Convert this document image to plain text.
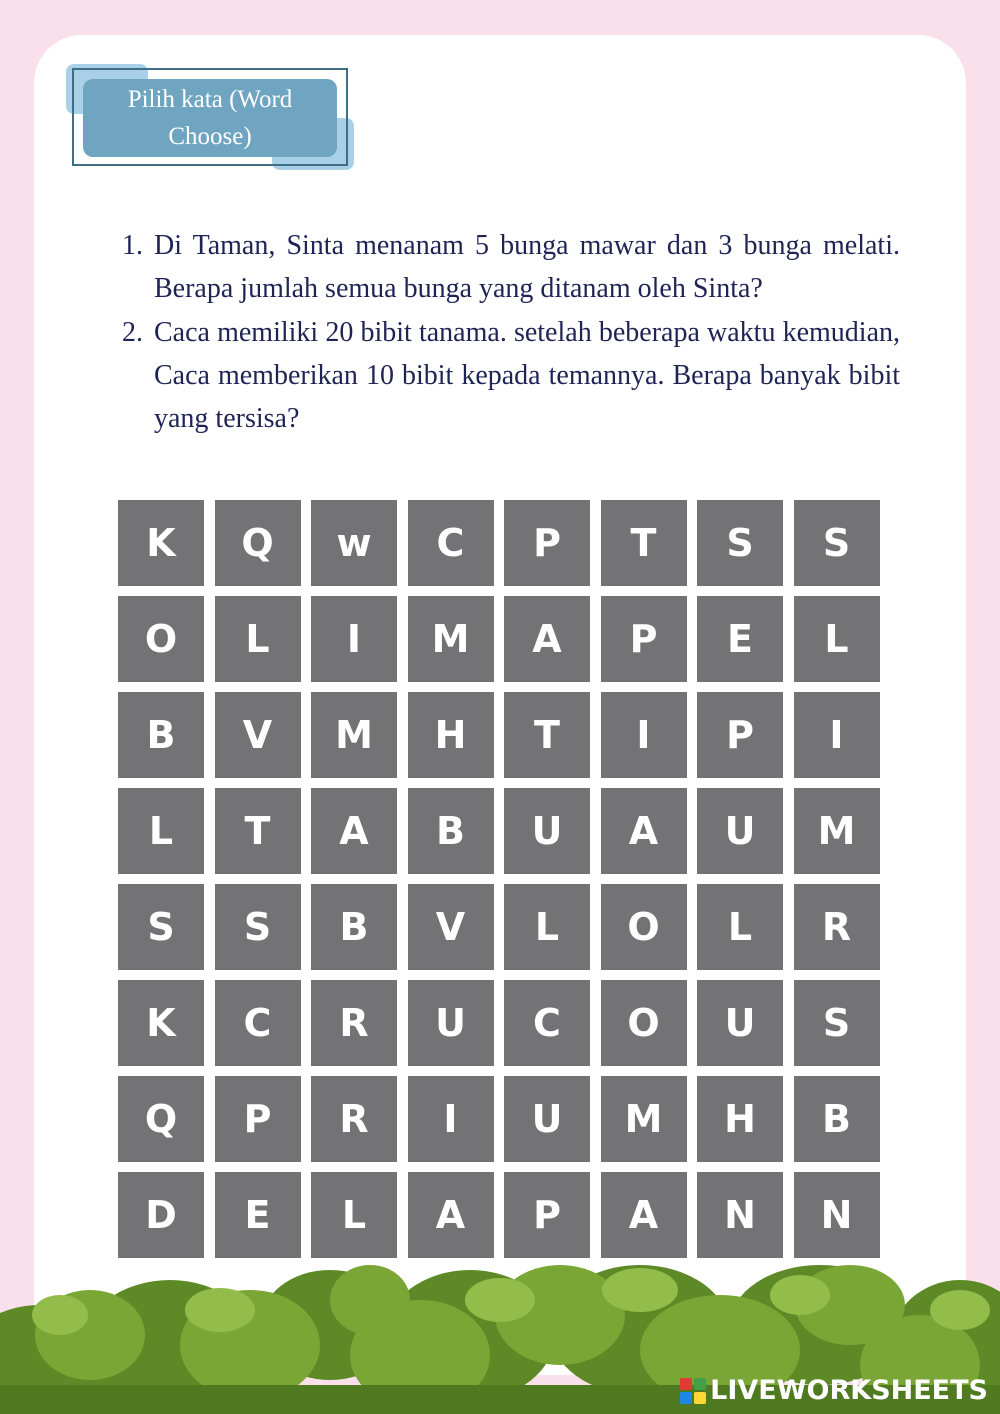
Pilih kata (Word
Choose)
1. Di Taman, Sinta menanam 5 bunga mawar dan 3 bunga melati. Berapa jumlah semua bunga yang ditanam oleh Sinta?
2. Caca memiliki 20 bibit tanama. setelah beberapa waktu kemudian, Caca memberikan 10 bibit kepada temannya. Berapa banyak bibit yang tersisa?
K	Q	w	C	P	T	S	S
O	L	I	M	A	P	E	L
B	V	M	H	T	I	P	I
L	T	A	B	U	A	U	M
S	S	B	V	L	O	L	R
K	C	R	U	C	O	U	S
Q	P	R	I	U	M	H	B
D	E	L	A	P	A	N	N
LIVEWORKSHEETS
